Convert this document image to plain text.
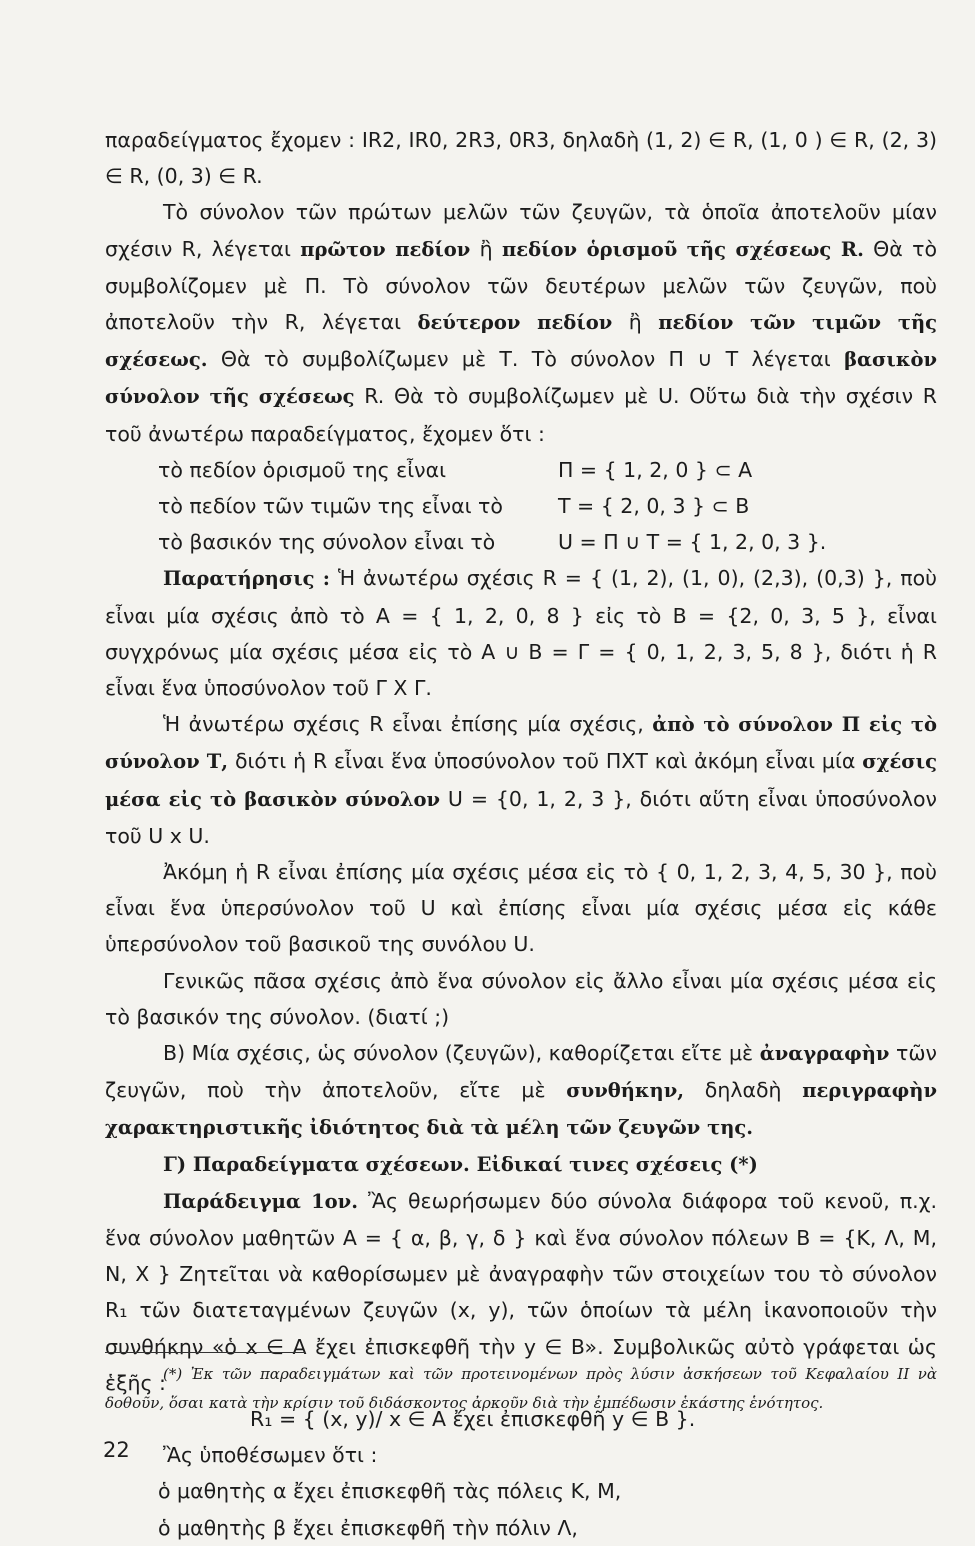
παραδείγματος ἔχομεν : IR2, IR0, 2R3, 0R3, δηλαδὴ (1, 2) ∈ R, (1, 0 ) ∈ R, (2, 3) ∈ R, (0, 3) ∈ R.

Τὸ σύνολον τῶν πρώτων μελῶν τῶν ζευγῶν, τὰ ὁποῖα ἀποτελοῦν μίαν σχέσιν R, λέγεται πρῶτον πεδίον ἢ πεδίον ὁρισμοῦ τῆς σχέσεως R. Θὰ τὸ συμβολίζομεν μὲ Π. Τὸ σύνολον τῶν δευτέρων μελῶν τῶν ζευγῶν, ποὺ ἀποτελοῦν τὴν R, λέγεται δεύτερον πεδίον ἢ πεδίον τῶν τιμῶν τῆς σχέσεως. Θὰ τὸ συμβολίζωμεν μὲ Τ. Τὸ σύνολον Π ∪ Τ λέγεται βασικὸν σύνολον τῆς σχέσεως R. Θὰ τὸ συμβολίζωμεν μὲ U. Οὕτω διὰ τὴν σχέσιν R τοῦ ἀνωτέρω παραδείγματος, ἔχομεν ὅτι :

τὸ πεδίον ὁρισμοῦ της εἶναι	Π = { 1, 2, 0 } ⊂ A
τὸ πεδίον τῶν τιμῶν της εἶναι τὸ	Τ = { 2, 0, 3 } ⊂ B
τὸ βασικόν της σύνολον εἶναι τὸ	U = Π ∪ T = { 1, 2, 0, 3 }.

Παρατήρησις : Ἡ ἀνωτέρω σχέσις R = { (1, 2), (1, 0), (2,3), (0,3) }, ποὺ εἶναι μία σχέσις ἀπὸ τὸ Α = { 1, 2, 0, 8 } εἰς τὸ Β = {2, 0, 3, 5 }, εἶναι συγχρόνως μία σχέσις μέσα εἰς τὸ Α ∪ Β = Γ = { 0, 1, 2, 3, 5, 8 }, διότι ἡ R εἶναι ἕνα ὑποσύνολον τοῦ Γ X Γ.

Ἡ ἀνωτέρω σχέσις R εἶναι ἐπίσης μία σχέσις, ἀπὸ τὸ σύνολον Π εἰς τὸ σύνολον Τ, διότι ἡ R εἶναι ἕνα ὑποσύνολον τοῦ ΠΧΤ καὶ ἀκόμη εἶναι μία σχέσις μέσα εἰς τὸ βασικὸν σύνολον U = {0, 1, 2, 3 }, διότι αὕτη εἶναι ὑποσύνολον τοῦ U x U.

Ἀκόμη ἡ R εἶναι ἐπίσης μία σχέσις μέσα εἰς τὸ { 0, 1, 2, 3, 4, 5, 30 }, ποὺ εἶναι ἕνα ὑπερσύνολον τοῦ U καὶ ἐπίσης εἶναι μία σχέσις μέσα εἰς κάθε ὑπερσύνολον τοῦ βασικοῦ της συνόλου U.

Γενικῶς πᾶσα σχέσις ἀπὸ ἕνα σύνολον εἰς ἄλλο εἶναι μία σχέσις μέσα εἰς τὸ βασικόν της σύνολον. (διατί ;)

Β) Μία σχέσις, ὡς σύνολον (ζευγῶν), καθορίζεται εἴτε μὲ ἀναγραφὴν τῶν ζευγῶν, ποὺ τὴν ἀποτελοῦν, εἴτε μὲ συνθήκην, δηλαδὴ περιγραφὴν χαρακτηριστικῆς ἰδιότητος διὰ τὰ μέλη τῶν ζευγῶν της.

Γ) Παραδείγματα σχέσεων. Εἰδικαί τινες σχέσεις (*)

Παράδειγμα 1ον. Ἂς θεωρήσωμεν δύο σύνολα διάφορα τοῦ κενοῦ, π.χ. ἕνα σύνολον μαθητῶν Α = { α, β, γ, δ } καὶ ἕνα σύνολον πόλεων Β = {Κ, Λ, Μ, Ν, Χ } Ζητεῖται νὰ καθορίσωμεν μὲ ἀναγραφὴν τῶν στοιχείων του τὸ σύνολον R₁ τῶν διατεταγμένων ζευγῶν (x, y), τῶν ὁποίων τὰ μέλη ἱκανοποιοῦν τὴν συνθήκην «ὁ x ∈ A ἔχει ἐπισκεφθῆ τὴν y ∈ B». Συμβολικῶς αὐτὸ γράφεται ὡς ἑξῆς :

R₁ = { (x, y)/ x ∈ A ἔχει ἐπισκεφθῆ y ∈ B }.

Ἂς ὑποθέσωμεν ὅτι :

ὁ μαθητὴς α ἔχει ἐπισκεφθῆ τὰς πόλεις Κ, Μ,

ὁ μαθητὴς β ἔχει ἐπισκεφθῆ τὴν πόλιν Λ,

(*) Ἐκ τῶν παραδειγμάτων καὶ τῶν προτεινομένων πρὸς λύσιν ἀσκήσεων τοῦ Κεφαλαίου II νὰ δοθοῦν, ὅσαι κατὰ τὴν κρίσιν τοῦ διδάσκοντος ἀρκοῦν διὰ τὴν ἐμπέδωσιν ἑκάστης ἑνότητος.

22
